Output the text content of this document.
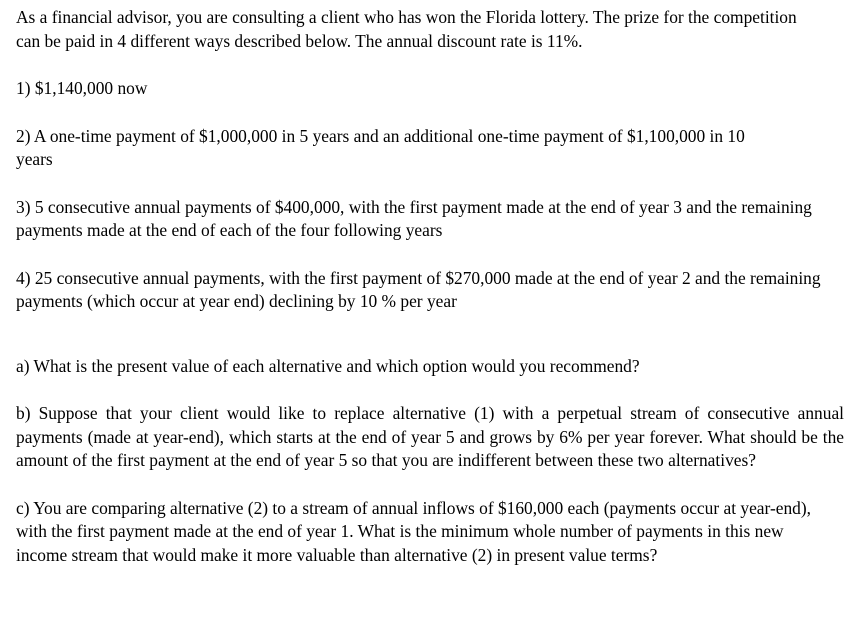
As a financial advisor, you are consulting a client who has won the Florida lottery. The prize for the competition can be paid in 4 different ways described below. The annual discount rate is 11%.

1) $1,140,000 now

2) A one-time payment of $1,000,000 in 5 years and an additional one-time payment of $1,100,000 in 10 years

3) 5 consecutive annual payments of $400,000, with the first payment made at the end of year 3 and the remaining payments made at the end of each of the four following years

4) 25 consecutive annual payments, with the first payment of $270,000 made at the end of year 2 and the remaining payments (which occur at year end) declining by 10 % per year

a) What is the present value of each alternative and which option would you recommend?

b) Suppose that your client would like to replace alternative (1) with a perpetual stream of consecutive annual payments (made at year-end), which starts at the end of year 5 and grows by 6% per year forever. What should be the amount of the first payment at the end of year 5 so that you are indifferent between these two alternatives?

c) You are comparing alternative (2) to a stream of annual inflows of $160,000 each (payments occur at year-end), with the first payment made at the end of year 1. What is the minimum whole number of payments in this new income stream that would make it more valuable than alternative (2) in present value terms?
